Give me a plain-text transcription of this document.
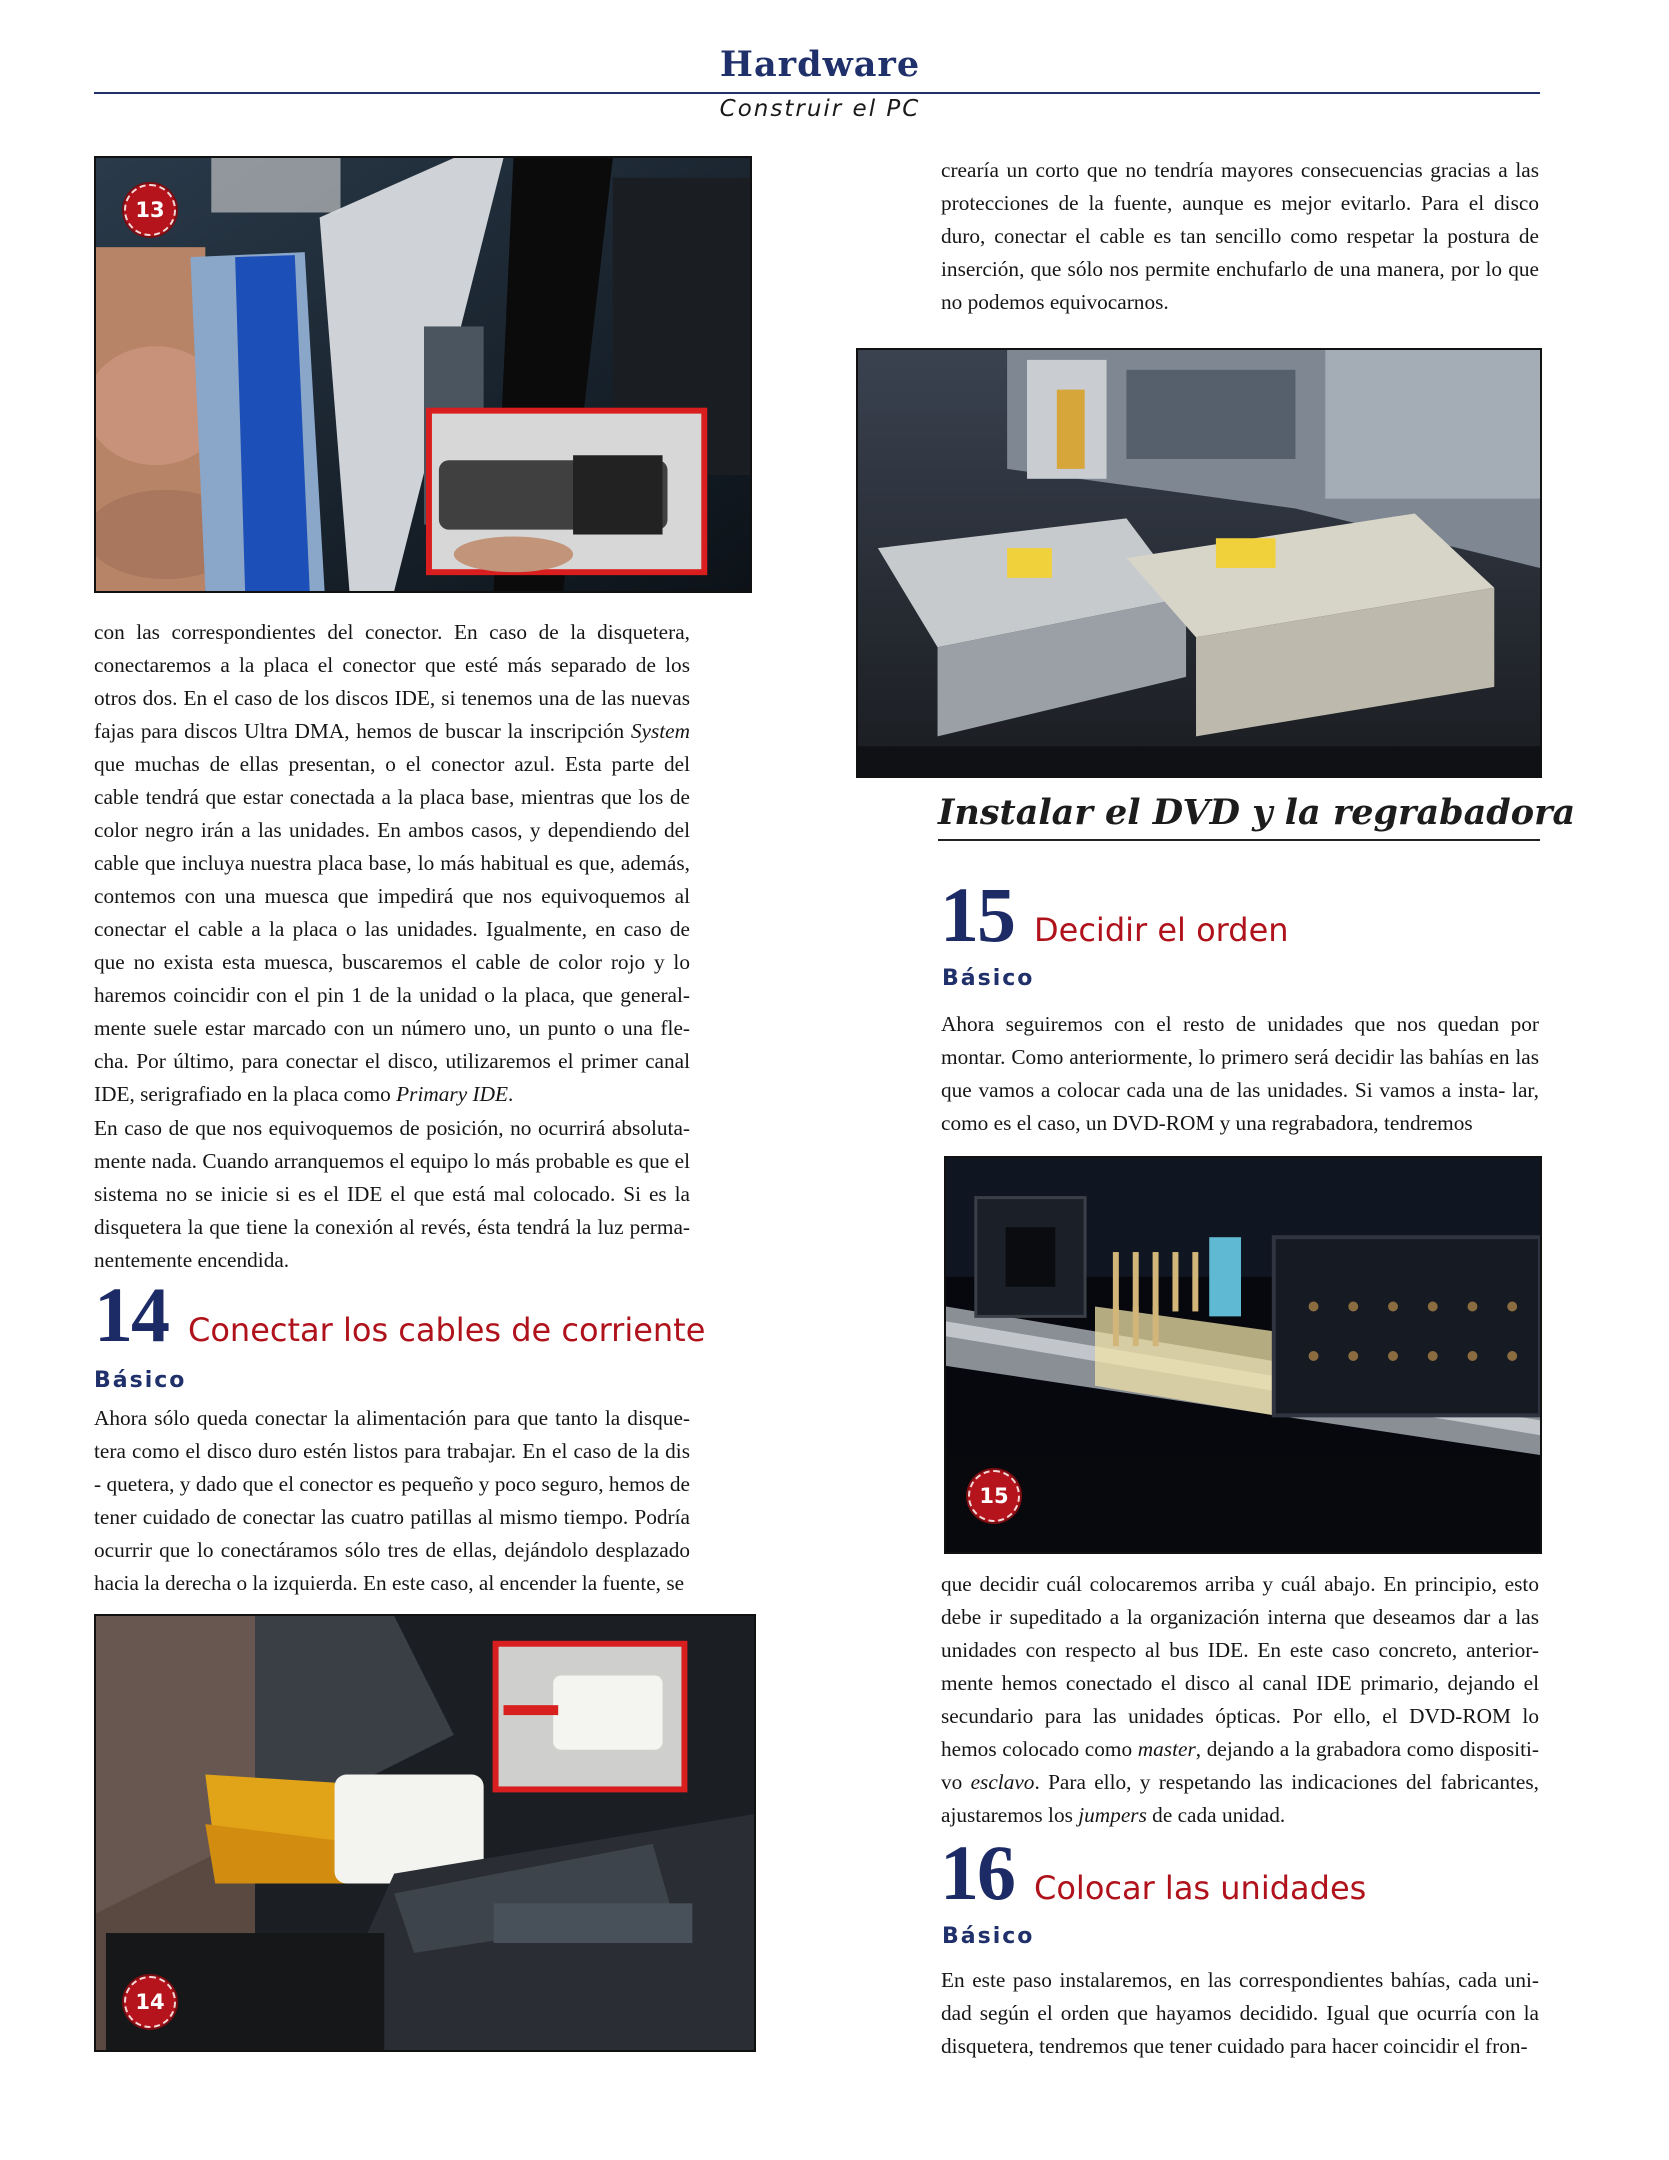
Hardware
Construir el PC
13

con las correspondientes del conector. En caso de la disquetera, conectaremos a la placa el conector que esté más separado de los otros dos. En el caso de los discos IDE, si tenemos una de las nuevas fajas para discos Ultra DMA, hemos de buscar la inscripción System que muchas de ellas presentan, o el conector azul. Esta parte del cable tendrá que estar conectada a la placa base, mientras que los de color negro irán a las unidades. En ambos casos, y dependiendo del cable que incluya nuestra placa base, lo más habitual es que, además, contemos con una muesca que impedirá que nos equivoquemos al conectar el cable a la placa o las unidades. Igualmente, en caso de que no exista esta muesca, buscaremos el cable de color rojo y lo haremos coincidir con el pin 1 de la unidad o la placa, que general- mente suele estar marcado con un número uno, un punto o una fle- cha. Por último, para conectar el disco, utilizaremos el primer canal IDE, serigrafiado en la placa como Primary IDE.

En caso de que nos equivoquemos de posición, no ocurrirá absoluta- mente nada. Cuando arranquemos el equipo lo más probable es que el sistema no se inicie si es el IDE el que está mal colocado. Si es la disquetera la que tiene la conexión al revés, ésta tendrá la luz perma- nentemente encendida.

14 Conectar los cables de corriente
Básico

Ahora sólo queda conectar la alimentación para que tanto la disque- tera como el disco duro estén listos para trabajar. En el caso de la dis - quetera, y dado que el conector es pequeño y poco seguro, hemos de tener cuidado de conectar las cuatro patillas al mismo tiempo. Podría ocurrir que lo conectáramos sólo tres de ellas, dejándolo desplazado hacia la derecha o la izquierda. En este caso, al encender la fuente, se

14

crearía un corto que no tendría mayores consecuencias gracias a las protecciones de la fuente, aunque es mejor evitarlo. Para el disco duro, conectar el cable es tan sencillo como respetar la postura de inserción, que sólo nos permite enchufarlo de una manera, por lo que no podemos equivocarnos.

Instalar el DVD y la regrabadora
15 Decidir el orden
Básico

Ahora seguiremos con el resto de unidades que nos quedan por montar. Como anteriormente, lo primero será decidir las bahías en las que vamos a colocar cada una de las unidades. Si vamos a insta- lar, como es el caso, un DVD-ROM y una regrabadora, tendremos

15

que decidir cuál colocaremos arriba y cuál abajo. En principio, esto debe ir supeditado a la organización interna que deseamos dar a las unidades con respecto al bus IDE. En este caso concreto, anterior- mente hemos conectado el disco al canal IDE primario, dejando el secundario para las unidades ópticas. Por ello, el DVD-ROM lo hemos colocado como master, dejando a la grabadora como dispositi- vo esclavo. Para ello, y respetando las indicaciones del fabricantes, ajustaremos los jumpers de cada unidad.

16 Colocar las unidades
Básico

En este paso instalaremos, en las correspondientes bahías, cada uni- dad según el orden que hayamos decidido. Igual que ocurría con la disquetera, tendremos que tener cuidado para hacer coincidir el fron-
